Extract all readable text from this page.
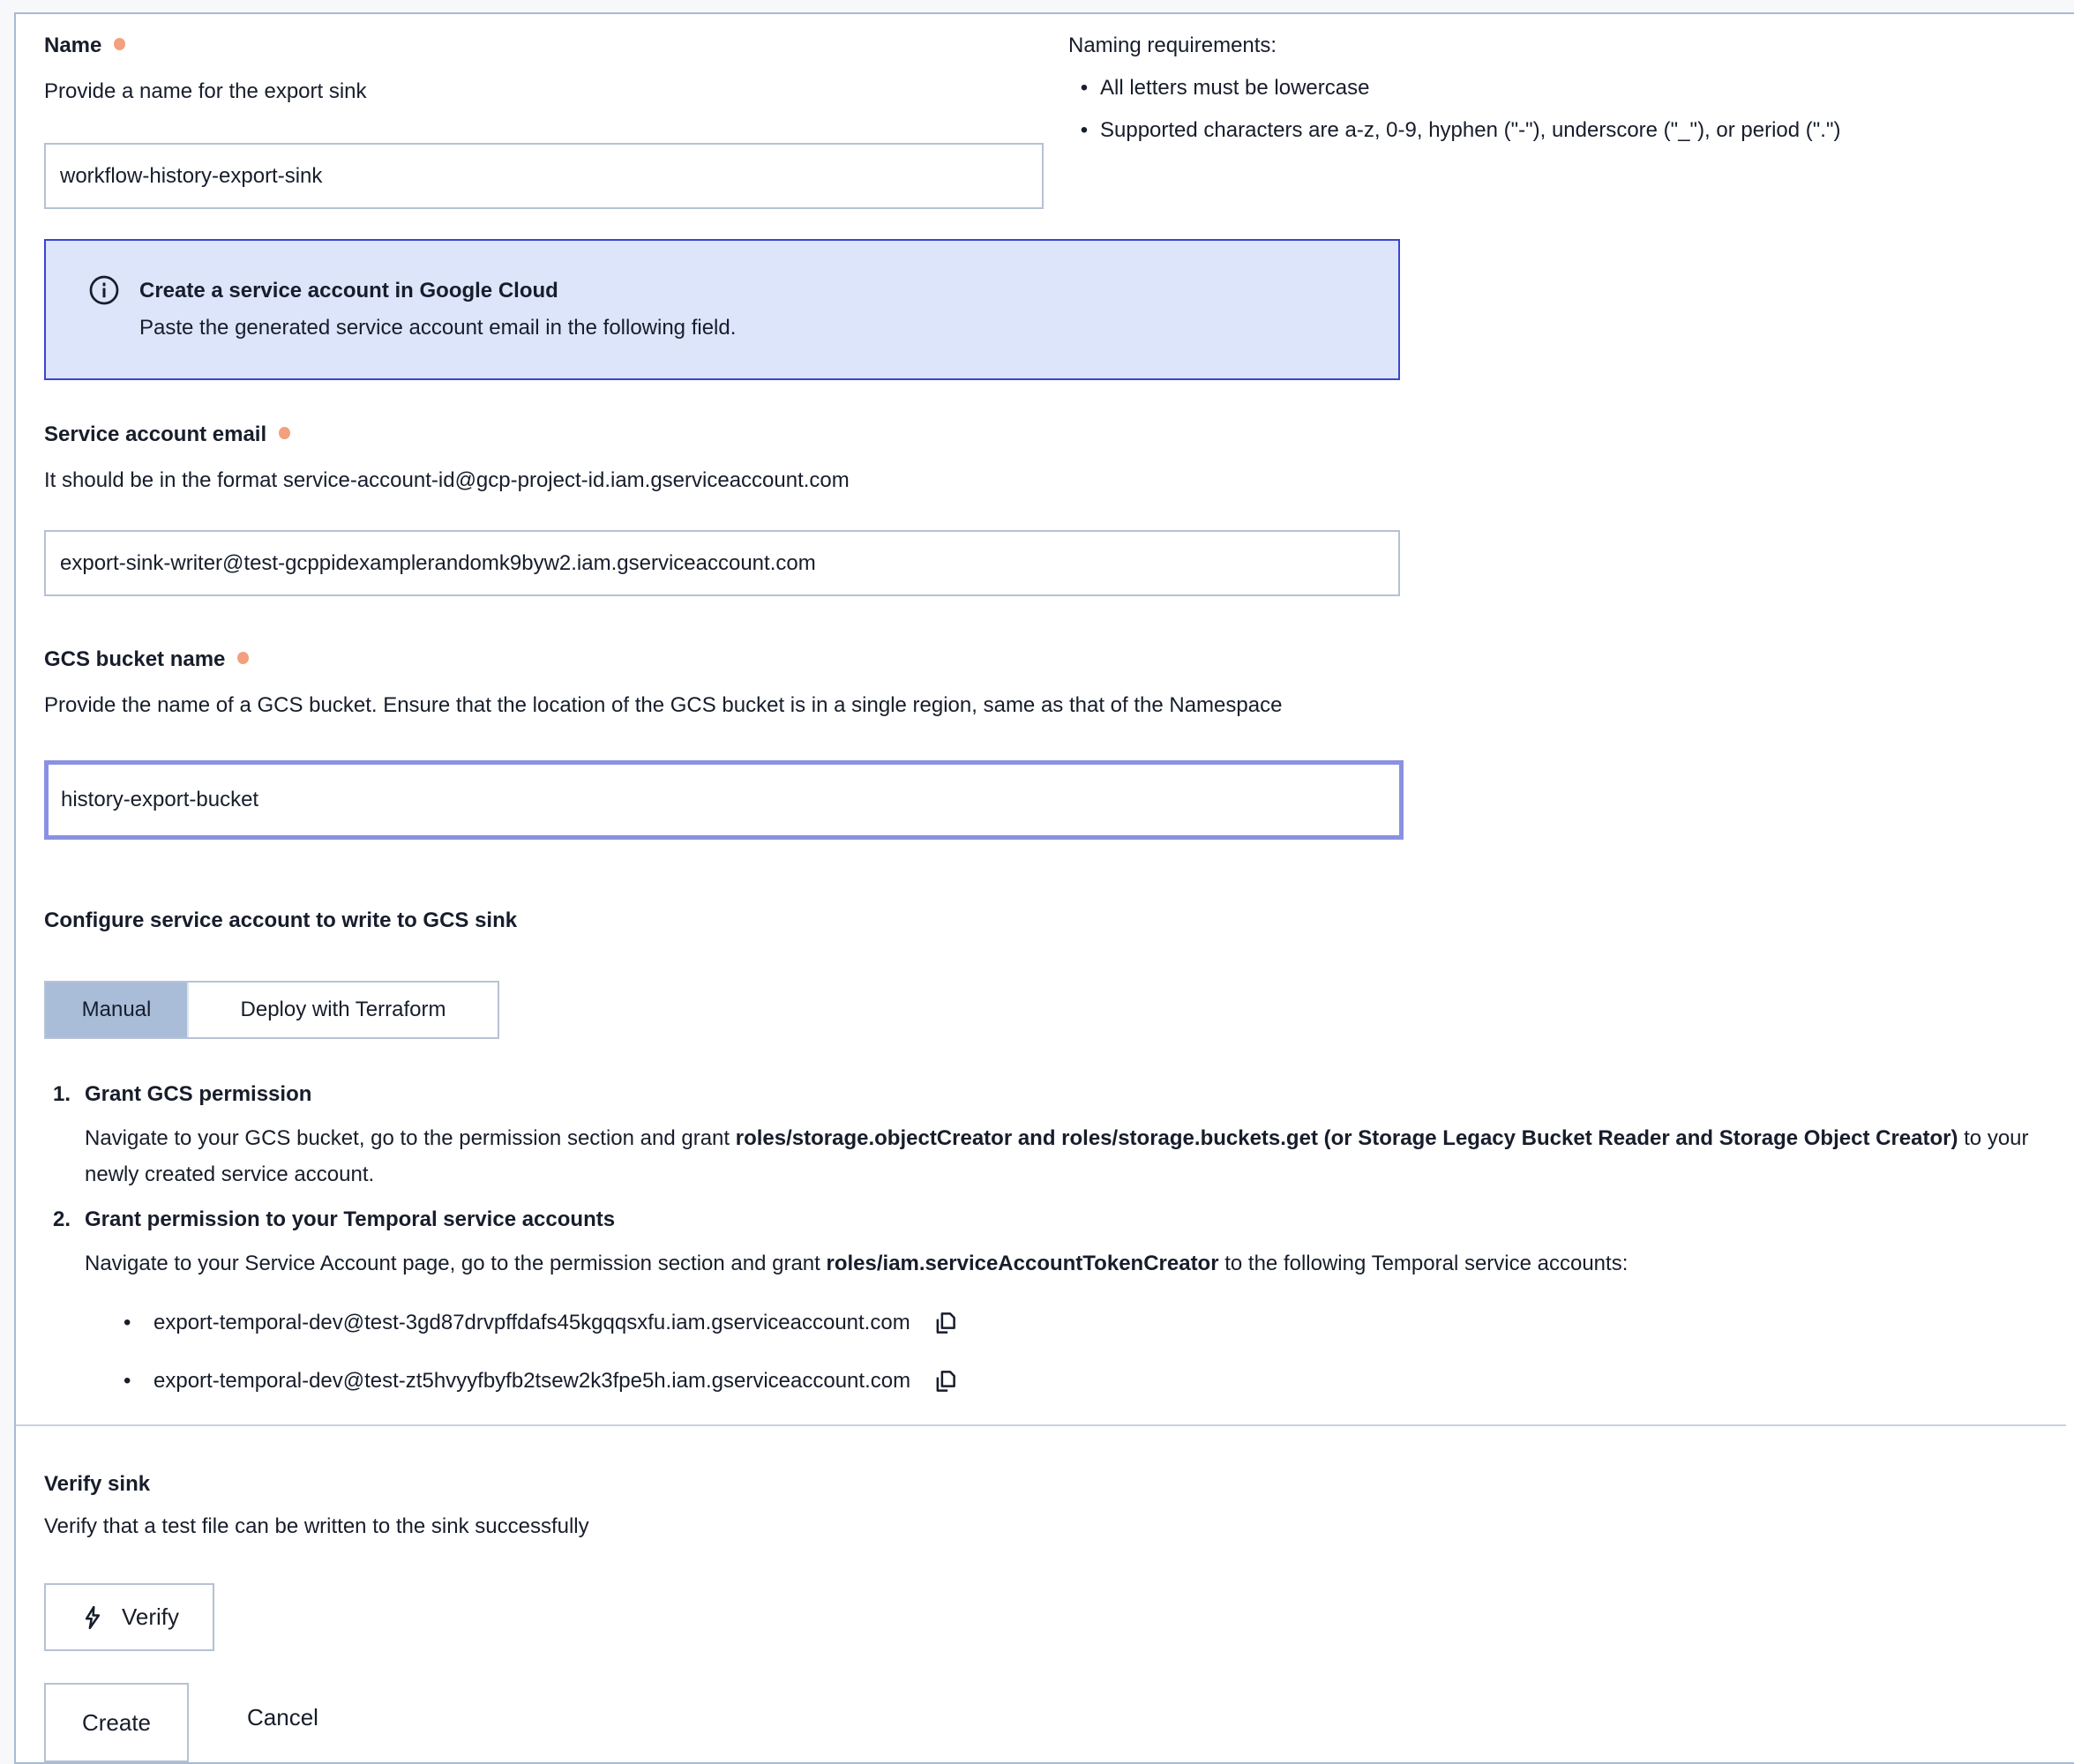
Name
Provide a name for the export sink
workflow-history-export-sink
Naming requirements:
• All letters must be lowercase
• Supported characters are a-z, 0-9, hyphen ("-"), underscore ("_"), or period (".")
Create a service account in Google Cloud
Paste the generated service account email in the following field.
Service account email
It should be in the format service-account-id@gcp-project-id.iam.gserviceaccount.com
export-sink-writer@test-gcppidexamplerandomk9byw2.iam.gserviceaccount.com
GCS bucket name
Provide the name of a GCS bucket. Ensure that the location of the GCS bucket is in a single region, same as that of the Namespace
history-export-bucket
Configure service account to write to GCS sink
Manual	Deploy with Terraform
1. Grant GCS permission
Navigate to your GCS bucket, go to the permission section and grant roles/storage.objectCreator and roles/storage.buckets.get (or Storage Legacy Bucket Reader and Storage Object Creator) to your newly created service account.
2. Grant permission to your Temporal service accounts
Navigate to your Service Account page, go to the permission section and grant roles/iam.serviceAccountTokenCreator to the following Temporal service accounts:
•	export-temporal-dev@test-3gd87drvpffdafs45kgqqsxfu.iam.gserviceaccount.com
•	export-temporal-dev@test-zt5hvyyfbyfb2tsew2k3fpe5h.iam.gserviceaccount.com
Verify sink
Verify that a test file can be written to the sink successfully
Verify
Create	Cancel
